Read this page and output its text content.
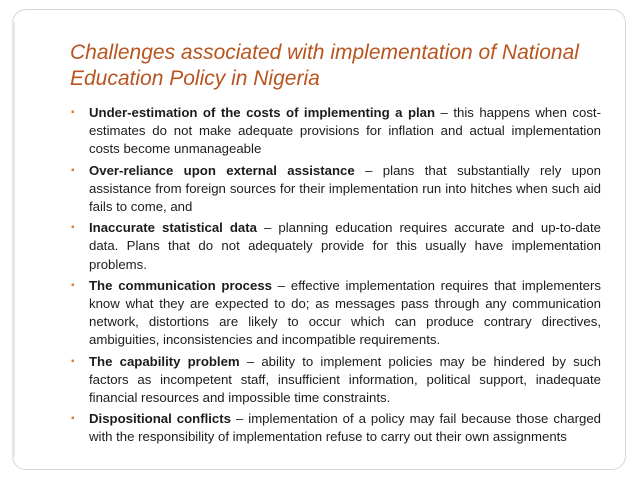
Challenges associated with implementation of National Education Policy in Nigeria
▪ Under-estimation of the costs of implementing a plan – this happens when cost-estimates do not make adequate provisions for inflation and actual implementation costs become unmanageable
▪ Over-reliance upon external assistance – plans that substantially rely upon assistance from foreign sources for their implementation run into hitches when such aid fails to come, and
▪ Inaccurate statistical data – planning education requires accurate and up-to-date data. Plans that do not adequately provide for this usually have implementation problems.
▪ The communication process – effective implementation requires that implementers know what they are expected to do; as messages pass through any communication network, distortions are likely to occur which can produce contrary directives, ambiguities, inconsistencies and incompatible requirements.
▪ The capability problem – ability to implement policies may be hindered by such factors as incompetent staff, insufficient information, political support, inadequate financial resources and impossible time constraints.
▪ Dispositional conflicts – implementation of a policy may fail because those charged with the responsibility of implementation refuse to carry out their own assignments
